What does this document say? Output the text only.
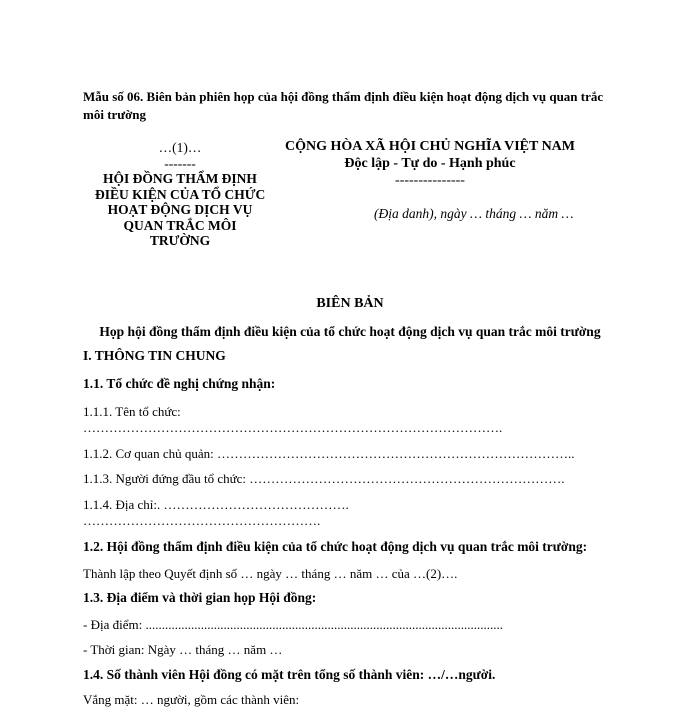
Mẫu số 06. Biên bản phiên họp của hội đồng thẩm định điều kiện hoạt động dịch vụ quan trắc môi trường
…(1)…
-------
HỘI ĐỒNG THẨM ĐỊNH
ĐIỀU KIỆN CỦA TỔ CHỨC
HOẠT ĐỘNG DỊCH VỤ
QUAN TRẮC MÔI
TRƯỜNG
CỘNG HÒA XÃ HỘI CHỦ NGHĨA VIỆT NAM
Độc lập - Tự do - Hạnh phúc
---------------
(Địa danh), ngày … tháng … năm …
BIÊN BẢN
Họp hội đồng thẩm định điều kiện của tổ chức hoạt động dịch vụ quan trắc môi trường
I. THÔNG TIN CHUNG
1.1. Tổ chức đề nghị chứng nhận:
1.1.1. Tên tổ chức:
…………………………………………………………………………………….
1.1.2. Cơ quan chủ quản: ………………………………………………………………………..
1.1.3. Người đứng đầu tổ chức: ……………………………………………………………….
1.1.4. Địa chỉ:. …………………………………….
……………………………………………….
1.2. Hội đồng thẩm định điều kiện của tổ chức hoạt động dịch vụ quan trắc môi trường:
Thành lập theo Quyết định số … ngày … tháng … năm … của …(2)….
1.3. Địa điểm và thời gian họp Hội đồng:
- Địa điểm: ..............................................................................................................
- Thời gian: Ngày … tháng … năm …
1.4. Số thành viên Hội đồng có mặt trên tổng số thành viên: …/…người.
Vắng mặt: … người, gồm các thành viên:
